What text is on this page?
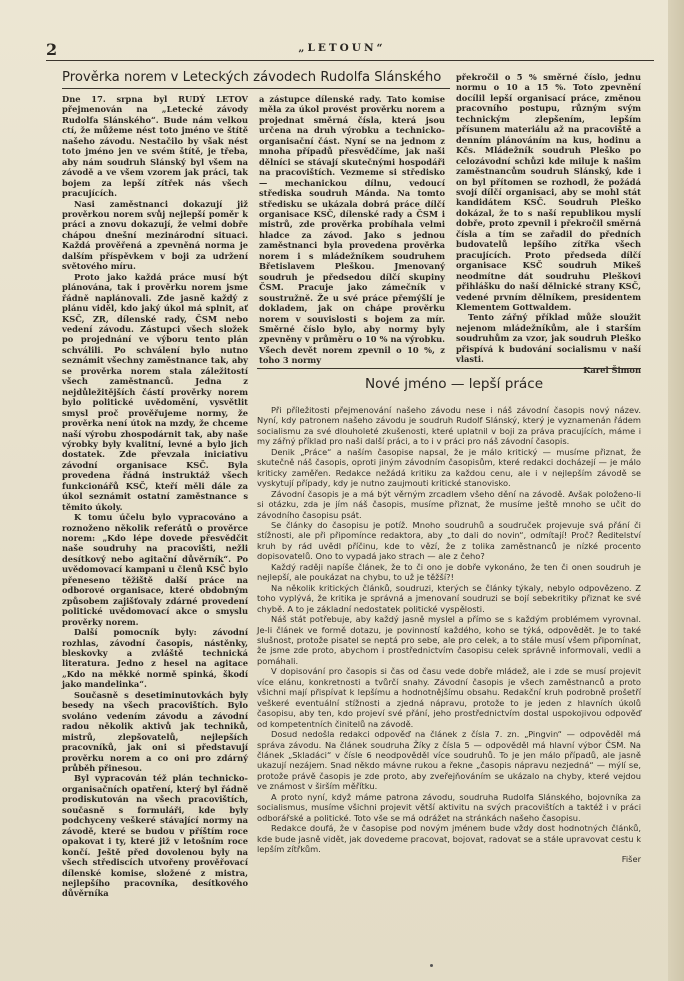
2	„LETOUN“
Prověrka norem v Leteckých závodech Rudolfa Slánského

Dne 17. srpna byl RUDÝ LETOV přejmenován na „Letecké závody Rudolfa Slánského“. Bude nám velkou ctí, že můžeme nést toto jméno ve štítě našeho závodu. Nestačilo by však nést toto jméno jen ve svém štítě, je třeba, aby nám soudruh Slánský byl všem na závodě a ve všem vzorem jak práci, tak bojem za lepší zítřek nás všech pracujících.

Nasi zaměstnanci dokazují již prověrkou norem svůj nejlepší poměr k práci a znovu dokazují, že velmi dobře chápou dnešní mezinárodní situaci. Každá prověřená a zpevněná norma je dalším příspěvkem v boji za udržení světového míru.

Proto jako každá práce musí být plánována, tak i prověrku norem jsme řádně naplánovali. Zde jasně každý z plánu viděl, kdo jaký úkol má splnit, ať KSČ, ZR, dílenské rady, ČSM nebo vedení závodu. Zástupci všech složek po projednání ve výboru tento plán schválili. Po schválení bylo nutno seznámit všechny zaměstnance tak, aby se prověrka norem stala záležitostí všech zaměstnanců. Jedna z nejdůležitějších částí prověrky norem bylo politické uvědomění, vysvětlit smysl proč prověřujeme normy, že prověrka není útok na mzdy, že chceme naší výrobu zhospodárnit tak, aby naše výrobky byly kvalitní, levné a bylo jich dostatek. Zde převzala iniciativu závodní organisace KSČ. Byla provedena řádná instruktáž všech funkcionářů KSČ, kteří měli dále za úkol seznámit ostatní zaměstnance s těmito úkoly.

K tomu účelu bylo vypracováno a roznoženo několik referátů o prověrce norem: „Kdo lépe dovede přesvědčit naše soudruhy na pracovišti, nežli desítkový nebo agitační důvěrník“. Po uvědomovací kampani u členů KSČ bylo přeneseno těžiště další práce na odborové organisace, které obdobným způsobem zajišťovaly zdárné provedení politické uvědomovací akce o smyslu prověrky norem.

Další pomocník byly: závodní rozhlas, závodní časopis, nástěnky, bleskovky a zvláště technická literatura. Jedno z hesel na agitace „Kdo na měkké normě spinká, škodí jako mandelinka“.

Současně s desetiminutovkách byly besedy na všech pracovištích. Bylo svoláno vedením závodu a závodní radou několik aktivů jak techniků, mistrů, zlepšovatelů, nejlepších pracovníků, jak oni si představují prověrku norem a co oni pro zdárný průběh přinesou.

Byl vypracován též plán technicko-organisačních opatření, který byl řádně prodiskutován na všech pracovištích, současně s formuláři, kde byly podchyceny veškeré stávající normy na závodě, které se budou v příštím roce opakovat i ty, které již v letošním roce končí. Ještě před dovolenou byly na všech střediscích utvořeny prověřovací dílenské komise, složené z mistra, nejlepšího pracovníka, desítkového důvěrníka

a zástupce dílenské rady. Tato komise měla za úkol provést prověrku norem a projednat směrná čísla, která jsou určena na druh výrobku a technicko-organisační část. Nyní se na jednom z mnoha případů přesvědčíme, jak naši dělníci se stávají skutečnými hospodáři na pracovištích. Vezmeme si středisko — mechanickou dílnu, vedoucí střediska soudruh Mánda. Na tomto středisku se ukázala dobrá práce dílčí organisace KSČ, dílenské rady a ČSM i mistrů, zde prověrka probíhala velmi hladce za závod. Jako s jednou zaměstnanci byla provedena prověrka norem i s mládežníkem soudruhem Břetislavem Pleškou. Jmenovaný soudruh je předsedou dílčí skupiny ČSM. Pracuje jako zámečník v soustružně. Že u své práce přemýšlí je dokladem, jak on chápe prověrku norem v souvislosti s bojem za mír. Směrné číslo bylo, aby normy byly zpevněny v průměru o 10 % na výrobku. Všech devět norem zpevnil o 10 %, z toho 3 normy

překročil o 5 % směrné číslo, jednu normu o 10 a 15 %. Toto zpevnění docílil lepší organisací práce, změnou pracovního postupu, různým svým technickým zlepšením, lepším přísunem materiálu až na pracoviště a denním plánováním na kus, hodinu a Kčs. Mládežník soudruh Pleško po celozávodní schůzi kde miluje k našim zaměstnancům soudruh Slánský, kde i on byl přítomen se rozhodl, že požádá svojí dílčí organisaci, aby se mohl stát kandidátem KSČ. Soudruh Pleško dokázal, že to s naší republikou myslí dobře, proto zpevnil i překročil směrná čísla a tím se zařadil do předních budovatelů lepšího zítřka všech pracujících. Proto předseda dílčí organisace KSČ soudruh Mikeš neodmítne dát soudruhu Pleškovi přihlášku do naší dělnické strany KSČ, vedené prvním dělníkem, presidentem Klementem Gottwaldem.

Tento zářný příklad může sloužit nejenom mládežníkům, ale i starším soudruhům za vzor, jak soudruh Pleško přispívá k budování socialismu v naší vlasti.

Karel Šimon
Nové jméno — lepší práce

Při příležitosti přejmenování našeho závodu nese i náš závodní časopis nový název. Nyní, kdy patronem našeho závodu je soudruh Rudolf Slánský, který je vyznamenán řádem socialismu za své dlouholeté zkušenosti, které uplatnil v boji za práva pracujících, máme i my zářný příklad pro naši další práci, a to i v práci pro náš závodní časopis.

Denik „Práce“ a naším časopise napsal, že je málo kritický — musíme přiznat, že skutečně náš časopis, oproti jiným závodním časopisům, které redakci docházejí — je málo kriticky zaměřen. Redakce nežádá kritiku za každou cenu, ale i v nejlepším závodě se vyskytují případy, kdy je nutno zaujmouti kritické stanovisko.

Závodní časopis je a má být věrným zrcadlem všeho dění na závodě. Avšak položeno-li si otázku, zda je jím náš časopis, musíme přiznat, že musíme ještě mnoho se učit do závodního časopisu psát.

Se články do časopisu je potíž. Mnoho soudruhů a soudruček projevuje svá přání či stížnosti, ale při připomínce redaktora, aby „to dali do novin“, odmítají! Proč? Ředitelství kruh by rád uvědl příčinu, kde to vězí, že z tolika zaměstnanců je nízké procento dopisovatelů. Ono to vypadá jako strach — ale z čeho?

Každý raději napíše článek, že to či ono je dobře vykonáno, že ten či onen soudruh je nejlepší, ale poukázat na chybu, to už je těžší?!

Na několik kritických článků, soudruzi, kterých se články týkaly, nebylo odpovězeno. Z toho vyplývá, že kritika je správná a jmenovaní soudruzi se bojí sebekritiky přiznat ke své chybě. A to je základní nedostatek politické vyspělosti.

Náš stát potřebuje, aby každý jasně myslel a přímo se s každým problémem vyrovnal. Je-li článek ve formě dotazu, je povinností každého, koho se týká, odpovědět. Je to také slušnost, protože pisatel se neptá pro sebe, ale pro celek, a to stále musí všem připomínat, že jsme zde proto, abychom i prostřednictvím časopisu celek správně informovali, vedli a pomáhali.

V dopisování pro časopis si čas od času vede dobře mládež, ale i zde se musí projevit více elánu, konkretnosti a tvůrčí snahy. Závodní časopis je všech zaměstnanců a proto všichni mají přispívat k lepšímu a hodnotnějšímu obsahu. Redakční kruh podrobně prošetří veškeré eventuální stížnosti a zjedná nápravu, protože to je jeden z hlavních úkolů časopisu, aby ten, kdo projeví své přání, jeho prostřednictvím dostal uspokojivou odpověď od kompetentních činitelů na závodě.

Dosud nedošla redakci odpověď na článek z čísla 7. zn. „Pingvin“ — odpověděl má správa závodu. Na článek soudruha Žíky z čísla 5 — odpověděl má hlavní výbor ČSM. Na článek „Skladáci“ v čísle 6 neodpověděl více soudruhů. To je jen málo případů, ale jasně ukazují nezájem. Snad někdo mávne rukou a řekne „časopis nápravu nezjedná“ — mýlí se, protože právě časopis je zde proto, aby zveřejňováním se ukázalo na chyby, které vejdou ve známost v širším měřítku.

A proto nyní, když máme patrona závodu, soudruha Rudolfa Slánského, bojovníka za socialismus, musíme všichni projevit větší aktivitu na svých pracovištích a taktéž i v práci odborářské a politické. Toto vše se má odrážet na stránkách našeho časopisu.

Redakce doufá, že v časopise pod novým jménem bude vždy dost hodnotných článků, kde bude jasně vidět, jak dovedeme pracovat, bojovat, radovat se a stále upravovat cestu k lepším zítřkům.

Fišer
